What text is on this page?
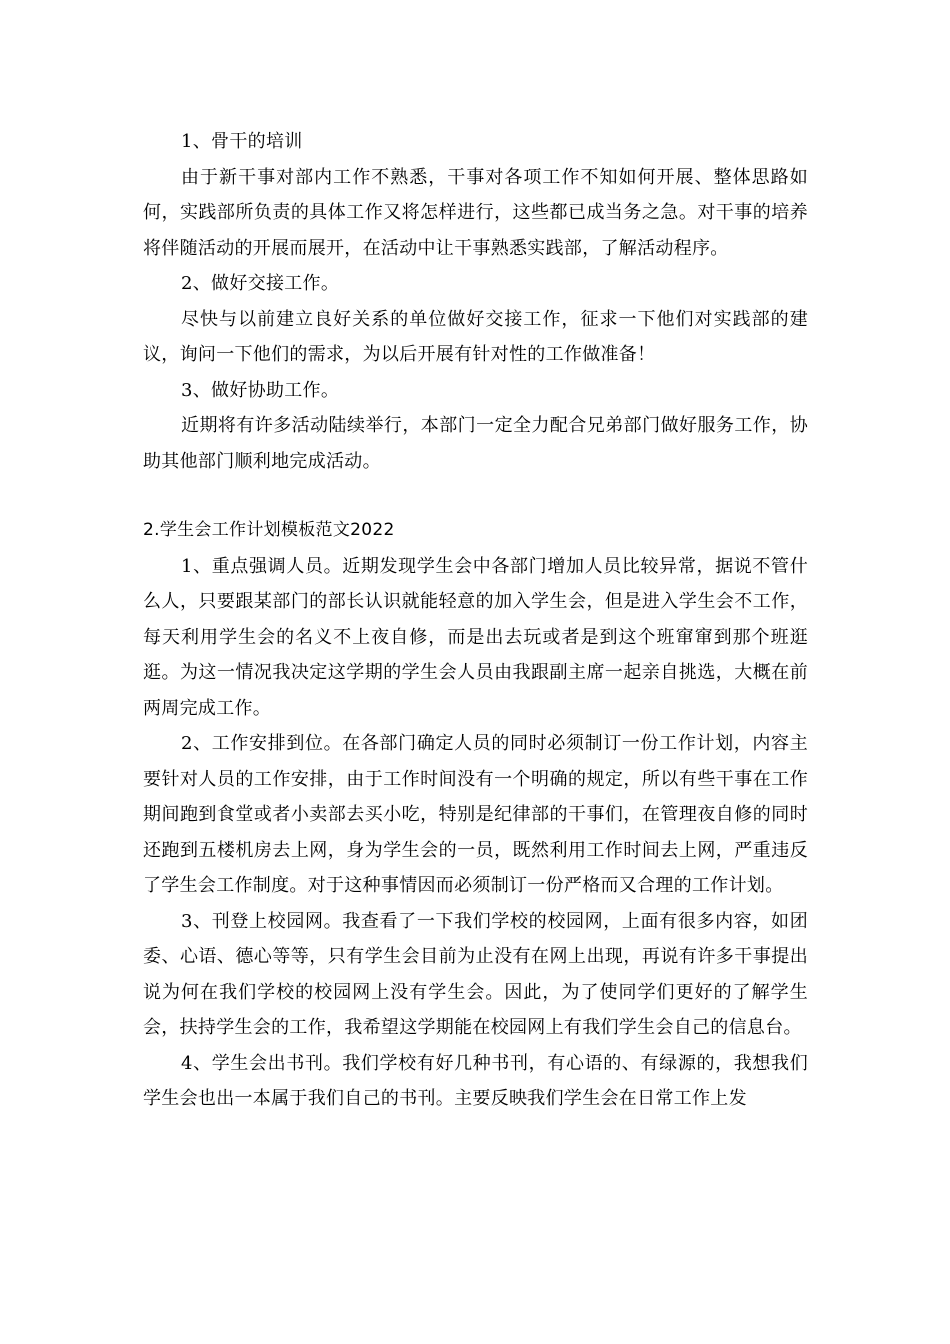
1、骨干的培训

由于新干事对部内工作不熟悉，干事对各项工作不知如何开展、整体思路如何，实践部所负责的具体工作又将怎样进行，这些都已成当务之急。对干事的培养将伴随活动的开展而展开，在活动中让干事熟悉实践部，了解活动程序。

2、做好交接工作。

尽快与以前建立良好关系的单位做好交接工作，征求一下他们对实践部的建议，询问一下他们的需求，为以后开展有针对性的工作做准备！

3、做好协助工作。

近期将有许多活动陆续举行，本部门一定全力配合兄弟部门做好服务工作，协助其他部门顺利地完成活动。

2.学生会工作计划模板范文2022

1、重点强调人员。近期发现学生会中各部门增加人员比较异常，据说不管什么人，只要跟某部门的部长认识就能轻意的加入学生会，但是进入学生会不工作，每天利用学生会的名义不上夜自修，而是出去玩或者是到这个班窜窜到那个班逛逛。为这一情况我决定这学期的学生会人员由我跟副主席一起亲自挑选，大概在前两周完成工作。

2、工作安排到位。在各部门确定人员的同时必须制订一份工作计划，内容主要针对人员的工作安排，由于工作时间没有一个明确的规定，所以有些干事在工作期间跑到食堂或者小卖部去买小吃，特别是纪律部的干事们，在管理夜自修的同时还跑到五楼机房去上网，身为学生会的一员，既然利用工作时间去上网，严重违反了学生会工作制度。对于这种事情因而必须制订一份严格而又合理的工作计划。

3、刊登上校园网。我查看了一下我们学校的校园网，上面有很多内容，如团委、心语、德心等等，只有学生会目前为止没有在网上出现，再说有许多干事提出说为何在我们学校的校园网上没有学生会。因此，为了使同学们更好的了解学生会，扶持学生会的工作，我希望这学期能在校园网上有我们学生会自己的信息台。

4、学生会出书刊。我们学校有好几种书刊，有心语的、有绿源的，我想我们学生会也出一本属于我们自己的书刊。主要反映我们学生会在日常工作上发
